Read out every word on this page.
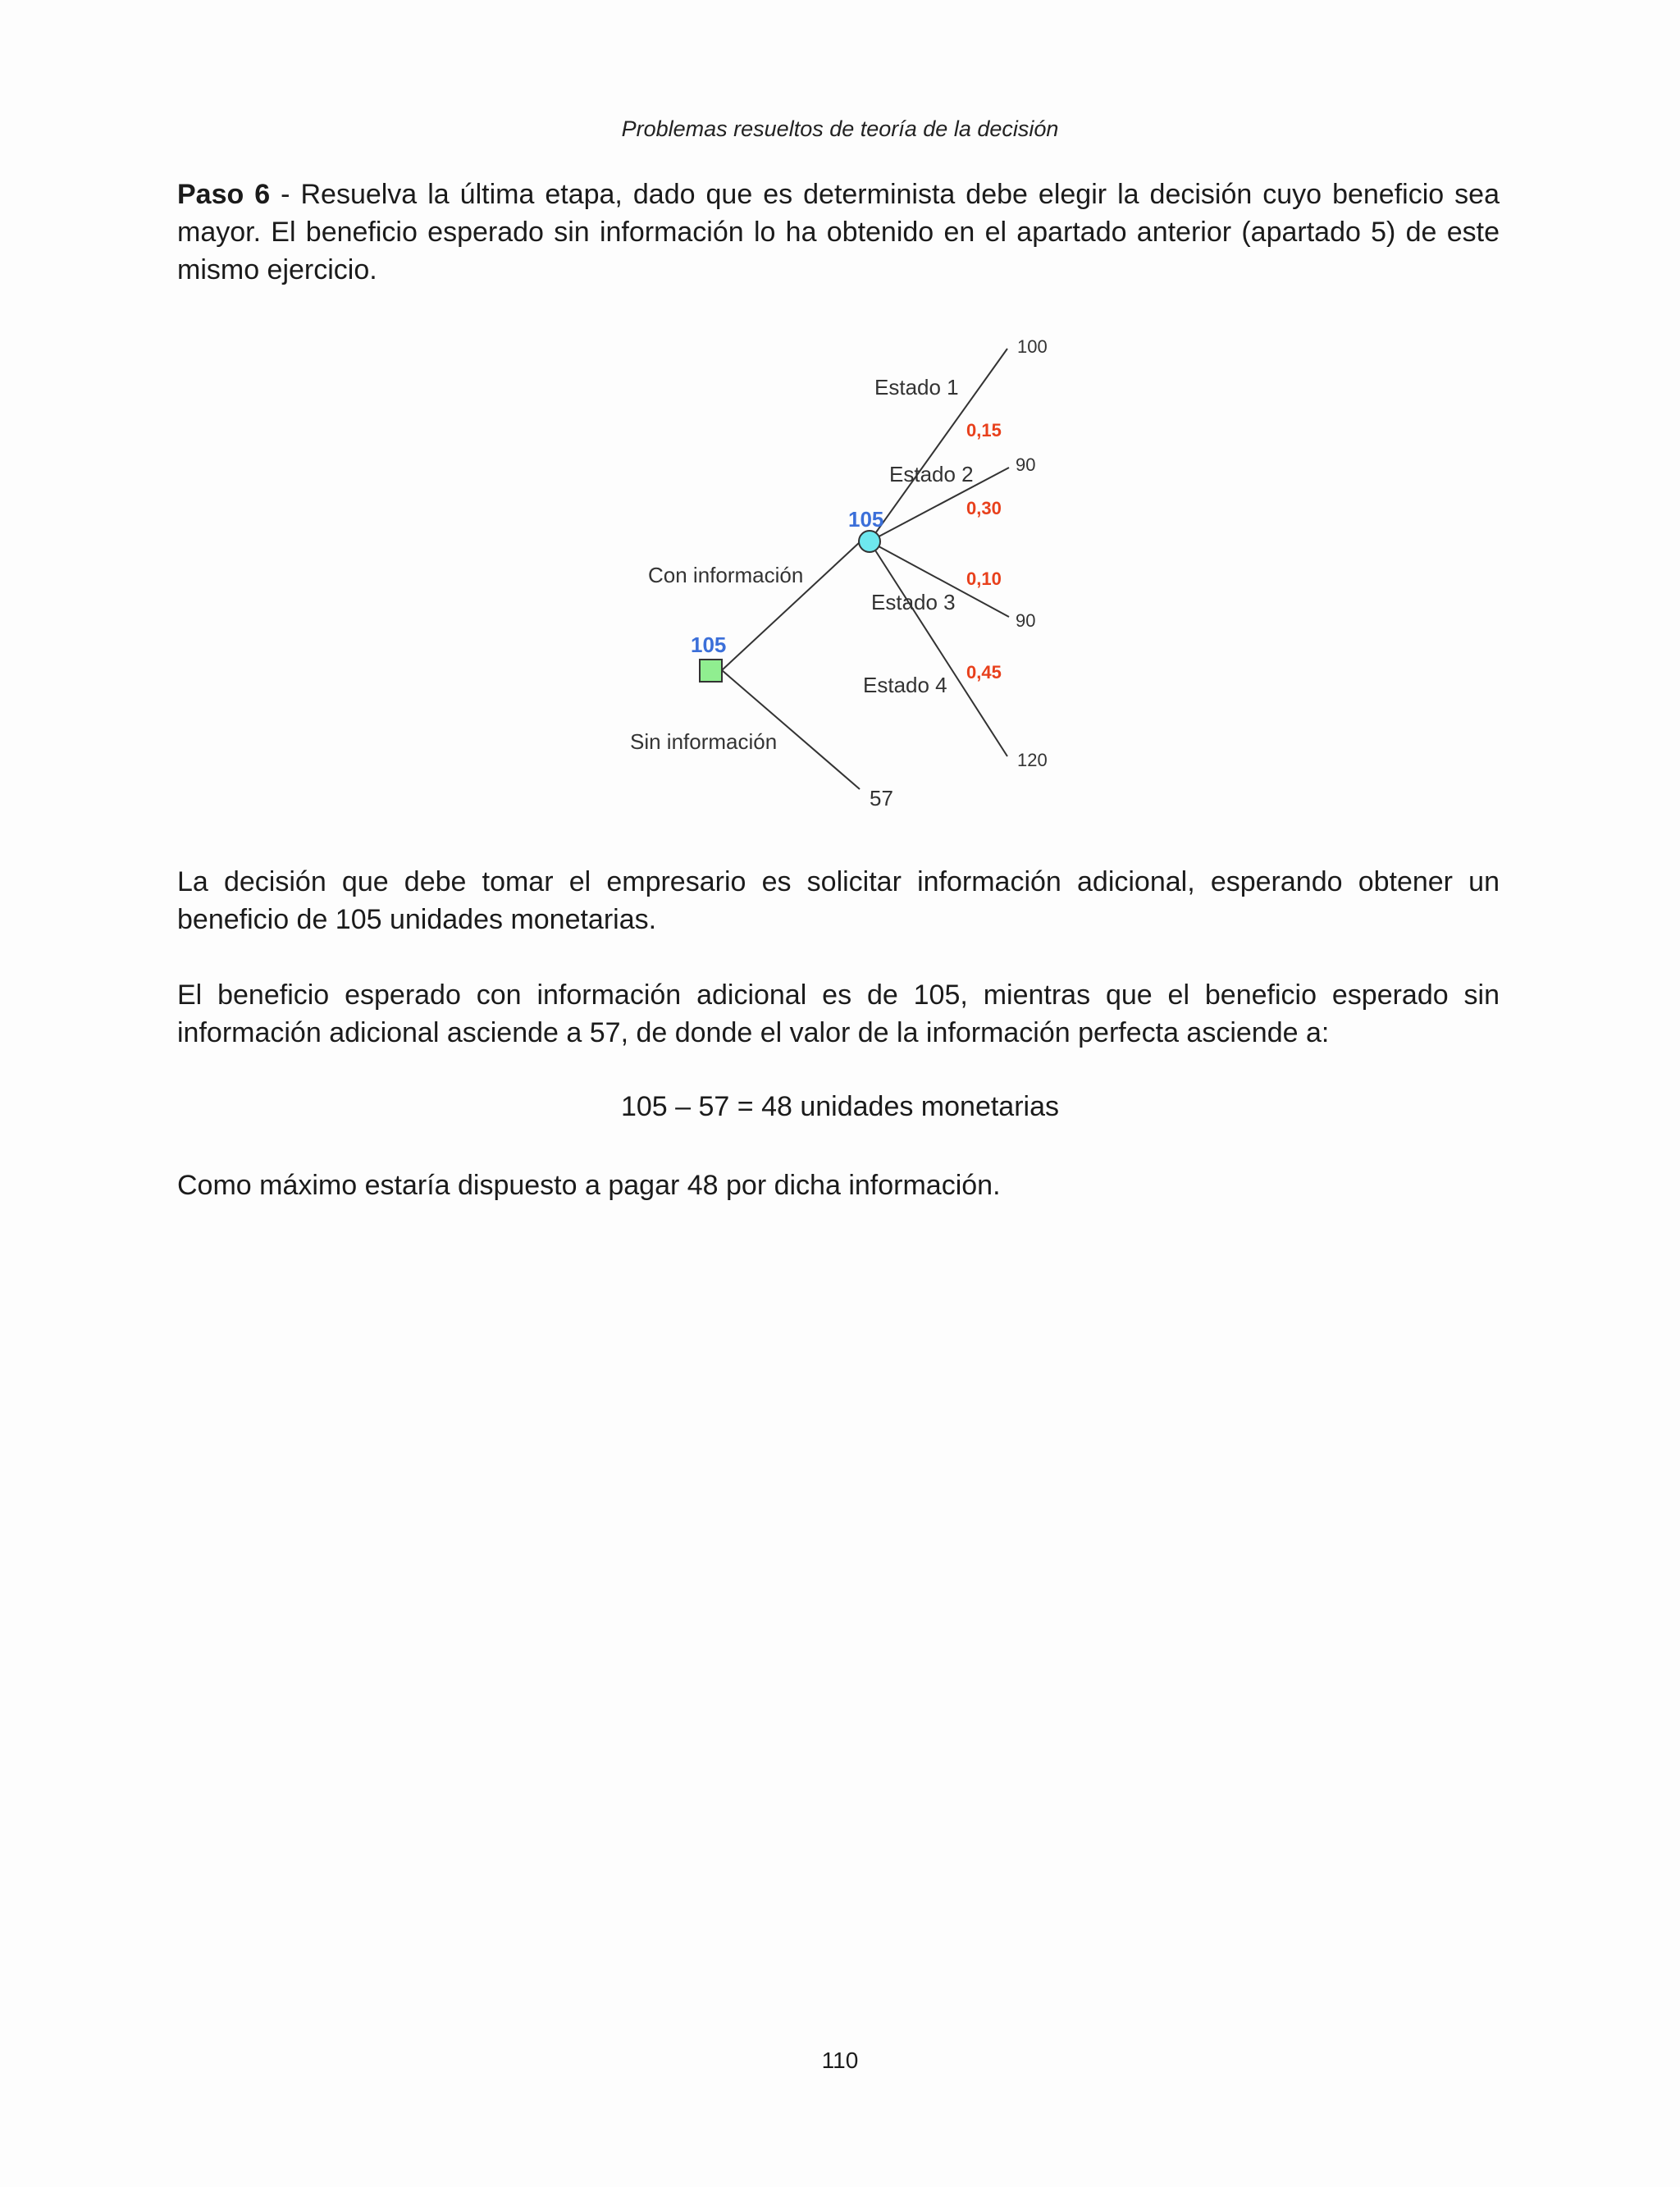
Problemas resueltos de teoría de la decisión

Paso 6 - Resuelva la última etapa, dado que es determinista debe elegir la decisión cuyo beneficio sea mayor. El beneficio esperado sin información lo ha obtenido en el apartado anterior (apartado 5) de este mismo ejercicio.

105
105
Con información
Sin información
57
Estado 1
0,15
100
Estado 2
0,30
90
0,10
Estado 3
90
0,45
Estado 4
120

La decisión que debe tomar el empresario es solicitar información adicional, esperando obtener un beneficio de 105 unidades monetarias.

El beneficio esperado con información adicional es de 105, mientras que el beneficio esperado sin información adicional asciende a 57, de donde el valor de la información perfecta asciende a:

105 – 57 = 48 unidades monetarias

Como máximo estaría dispuesto a pagar 48 por dicha información.

110
